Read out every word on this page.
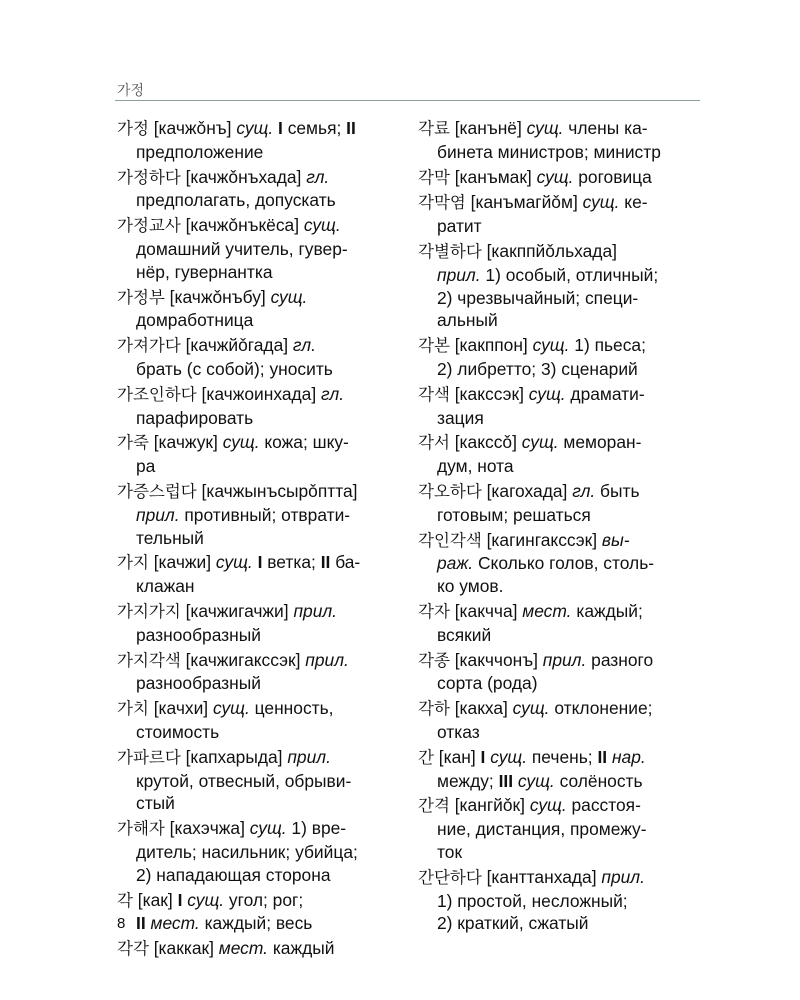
가정
가정 [качжǒнъ] сущ. I семья; II
предположение
가정하다 [качжǒнъхада] гл.
предполагать, допускать
가정교사 [качжǒнъкёса] сущ.
домашний учитель, гувер-
нёр, гувернантка
가정부 [качжǒнъбу] сущ.
домработница
가져가다 [качжйǒгада] гл.
брать (с собой); уносить
가조인하다 [качжоинхада] гл.
парафировать
가죽 [качжук] сущ. кожа; шку-
ра
가증스럽다 [качжынъсырǒптта]
прил. противный; отврати-
тельный
가지 [качжи] сущ. I ветка; II ба-
клажан
가지가지 [качжигачжи] прил.
разнообразный
가지각색 [качжигакссэк] прил.
разнообразный
가치 [качхи] сущ. ценность,
стоимость
가파르다 [капхарыда] прил.
крутой, отвесный, обрыви-
стый
가해자 [кахэчжа] сущ. 1) вре-
дитель; насильник; убийца;
2) нападающая сторона
각 [как] I сущ. угол; рог;
II мест. каждый; весь
각각 [каккак] мест. каждый
각료 [канънё] сущ. члены ка-
бинета министров; министр
각막 [канъмак] сущ. роговица
각막염 [канъмагйǒм] сущ. ке-
ратит
각별하다 [какппйǒльхада]
прил. 1) особый, отличный;
2) чрезвычайный; специ-
альный
각본 [какппон] сущ. 1) пьеса;
2) либретто; 3) сценарий
각색 [какссэк] сущ. драмати-
зация
각서 [какссǒ] сущ. меморан-
дум, нота
각오하다 [кагохада] гл. быть
готовым; решаться
각인각색 [кагингакссэк] вы-
раж. Сколько голов, столь-
ко умов.
각자 [какчча] мест. каждый;
всякий
각종 [какччонъ] прил. разного
сорта (рода)
각하 [какха] сущ. отклонение;
отказ
간 [кан] I сущ. печень; II нар.
между; III сущ. солёность
간격 [кангйǒк] сущ. расстоя-
ние, дистанция, промежу-
ток
간단하다 [канттанхада] прил.
1) простой, несложный;
2) краткий, сжатый
8
